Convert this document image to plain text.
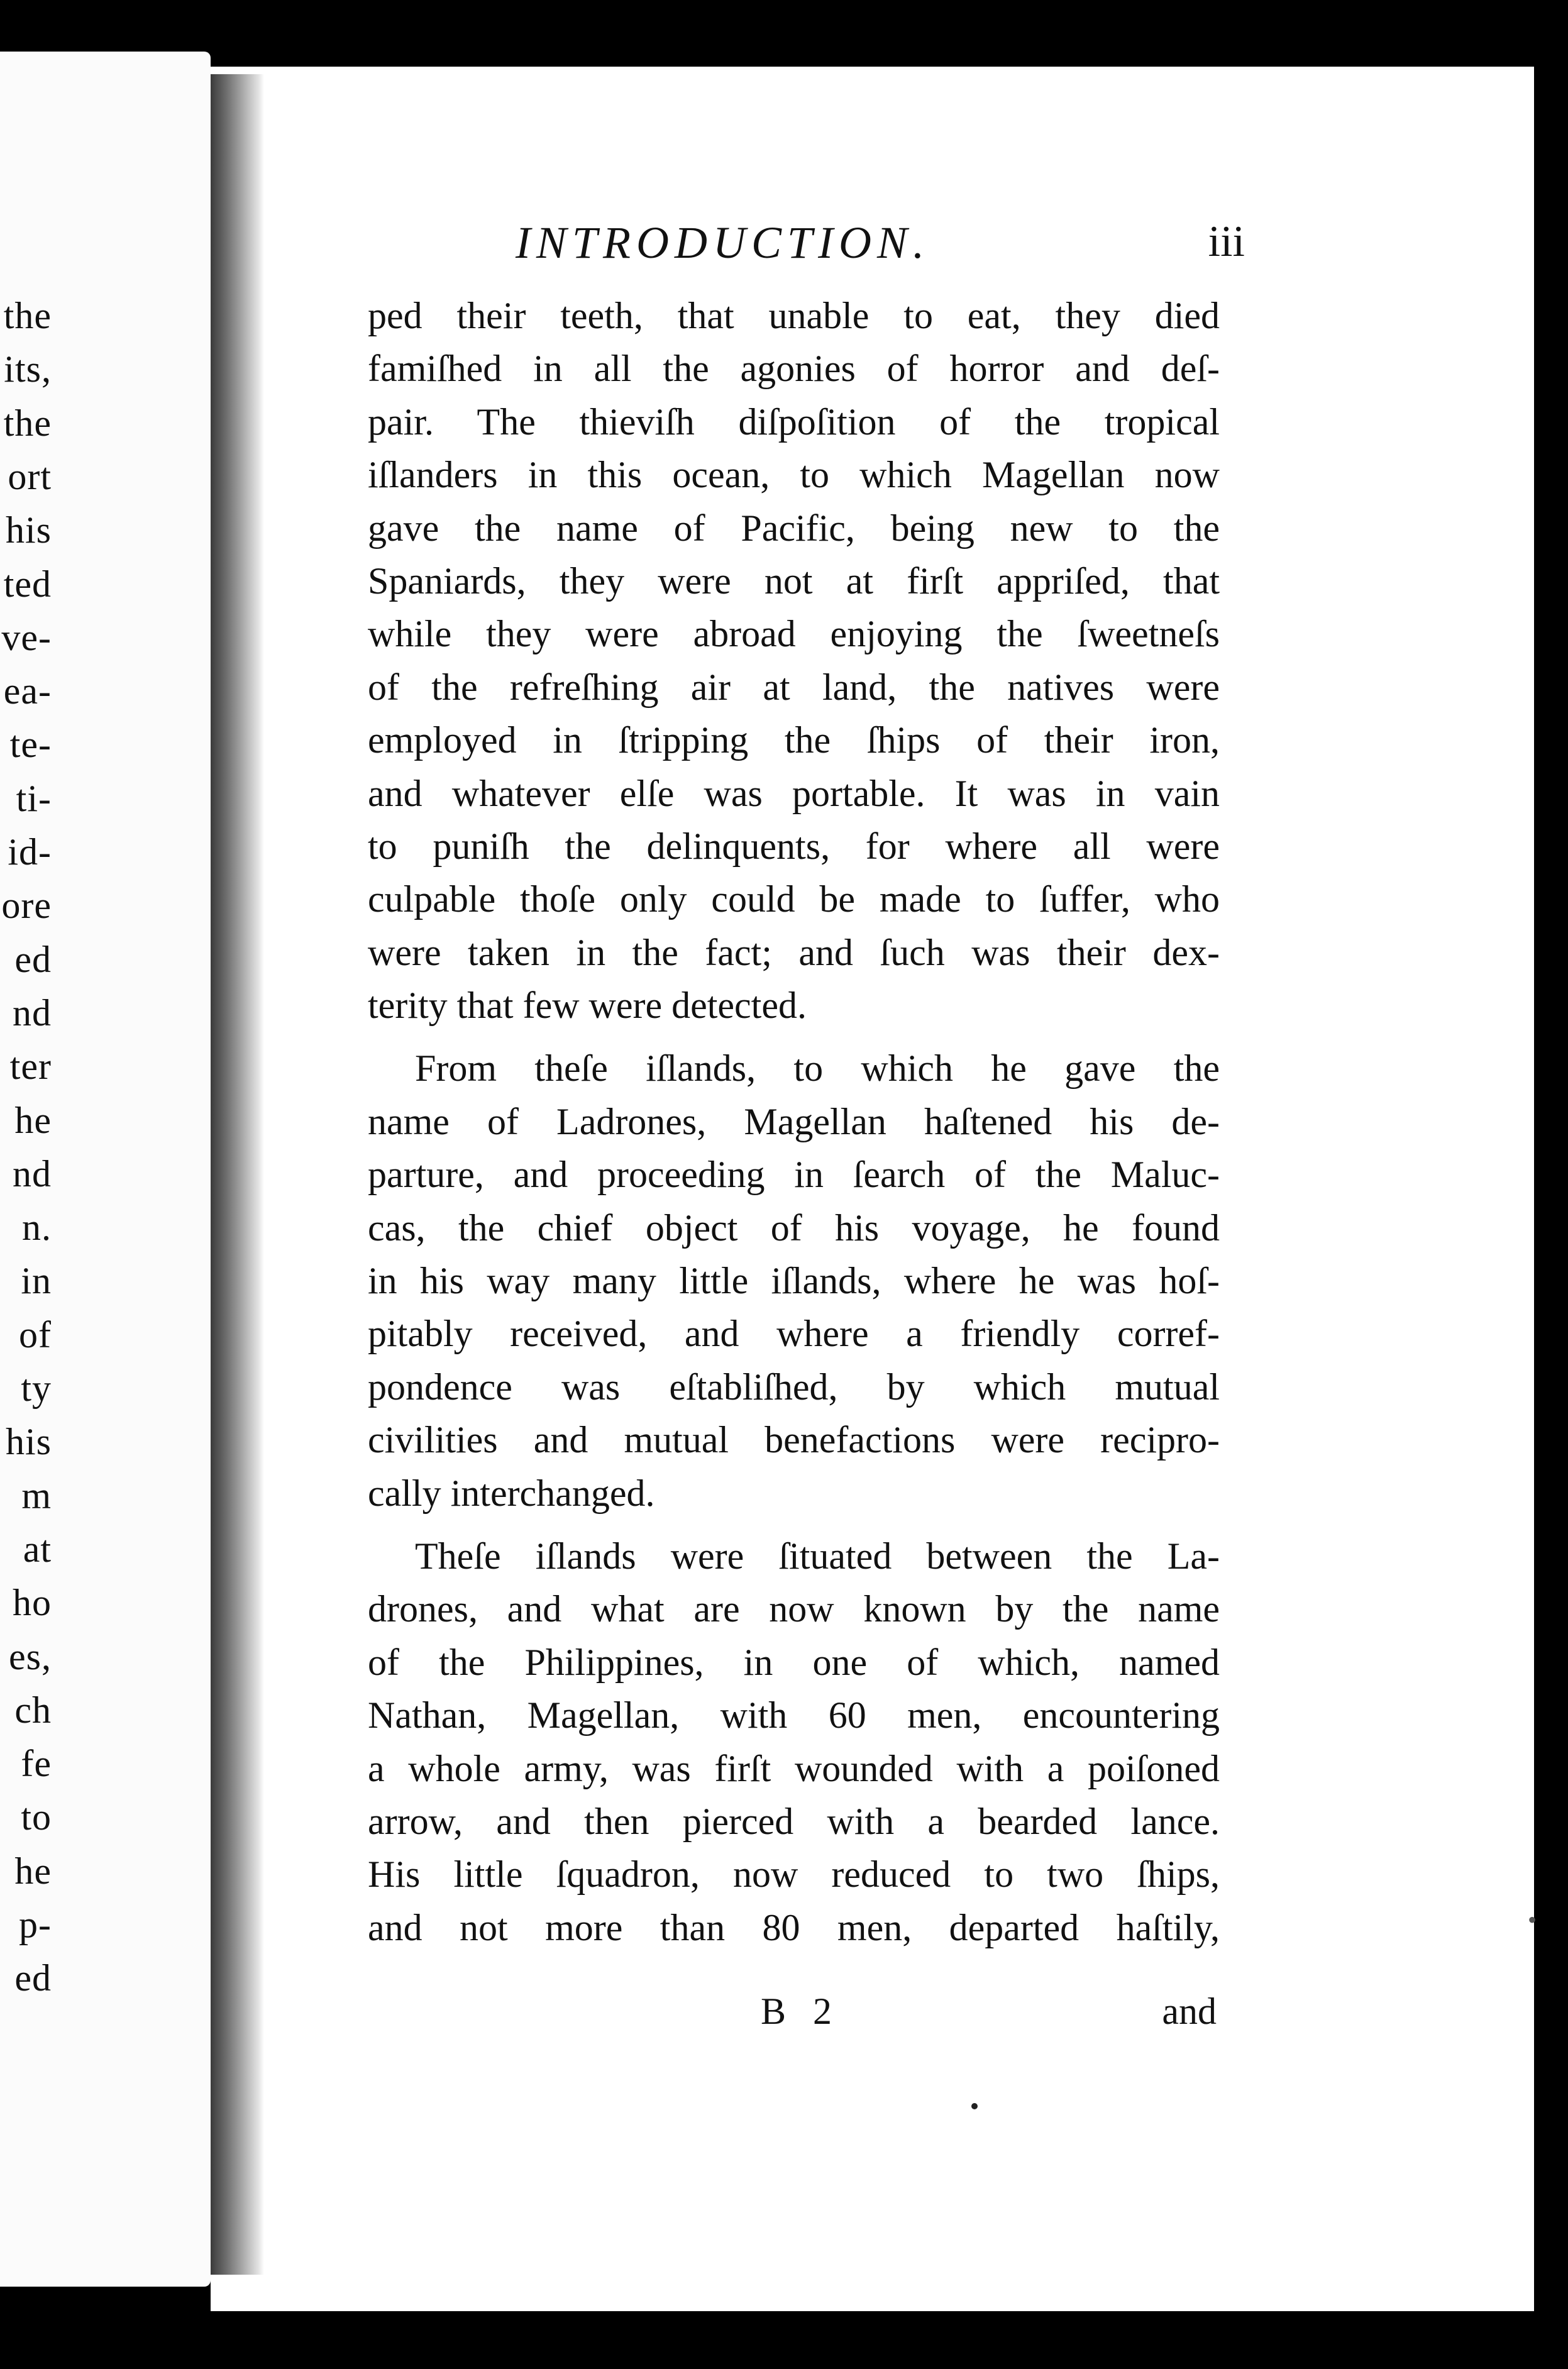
the
its,
the
ort
his
ted
ve-
ea-
te-
ti-
id-
ore
ed
nd
ter
he
nd
n.
in
of
ty
his
m
at
ho
es,
ch
fe
to
he
p-
ed
INTRODUCTION.	iii
ped their teeth, that unable to eat, they died
famiſhed in all the agonies of horror and deſ-
pair. The thieviſh diſpoſition of the tropical
iſlanders in this ocean, to which Magellan now
gave the name of Pacific, being new to the
Spaniards, they were not at firſt appriſed, that
while they were abroad enjoying the ſweetneſs
of the refreſhing air at land, the natives were
employed in ſtripping the ſhips of their iron,
and whatever elſe was portable. It was in vain
to puniſh the delinquents, for where all were
culpable thoſe only could be made to ſuffer, who
were taken in the fact; and ſuch was their dex-
terity that few were detected.
From theſe iſlands, to which he gave the
name of Ladrones, Magellan haſtened his de-
parture, and proceeding in ſearch of the Maluc-
cas, the chief object of his voyage, he found
in his way many little iſlands, where he was hoſ-
pitably received, and where a friendly corref-
pondence was eſtabliſhed, by which mutual
civilities and mutual benefactions were recipro-
cally interchanged.
Theſe iſlands were ſituated between the La-
drones, and what are now known by the name
of the Philippines, in one of which, named
Nathan, Magellan, with 60 men, encountering
a whole army, was firſt wounded with a poiſoned
arrow, and then pierced with a bearded lance.
His little ſquadron, now reduced to two ſhips,
and not more than 80 men, departed haſtily,
B 2	and
•
